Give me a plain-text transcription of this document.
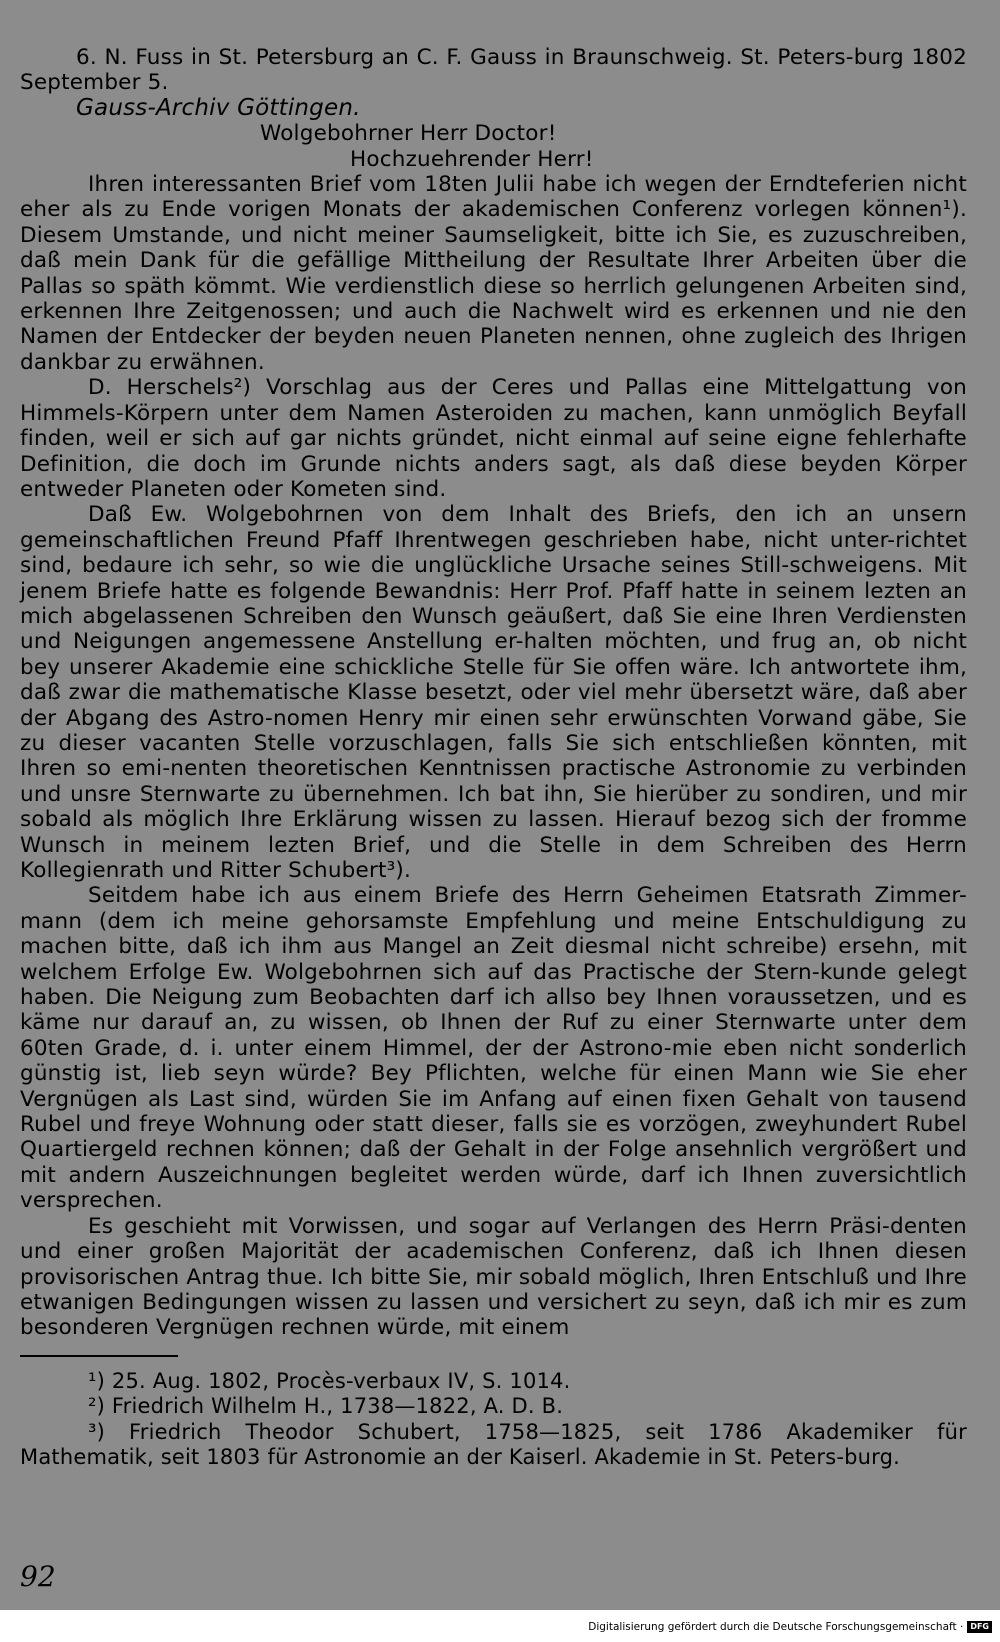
6. N. Fuss in St. Petersburg an C. F. Gauss in Braunschweig. St. Peters-burg 1802 September 5.

Gauss-Archiv Göttingen.

Wolgebohrner Herr Doctor!

Hochzuehrender Herr!

Ihren interessanten Brief vom 18ten Julii habe ich wegen der Erndteferien nicht eher als zu Ende vorigen Monats der akademischen Conferenz vorlegen können¹). Diesem Umstande, und nicht meiner Saumseligkeit, bitte ich Sie, es zuzuschreiben, daß mein Dank für die gefällige Mittheilung der Resultate Ihrer Arbeiten über die Pallas so späth kömmt. Wie verdienstlich diese so herrlich gelungenen Arbeiten sind, erkennen Ihre Zeitgenossen; und auch die Nachwelt wird es erkennen und nie den Namen der Entdecker der beyden neuen Planeten nennen, ohne zugleich des Ihrigen dankbar zu erwähnen.

D. Herschels²) Vorschlag aus der Ceres und Pallas eine Mittelgattung von Himmels-Körpern unter dem Namen Asteroiden zu machen, kann unmöglich Beyfall finden, weil er sich auf gar nichts gründet, nicht einmal auf seine eigne fehlerhafte Definition, die doch im Grunde nichts anders sagt, als daß diese beyden Körper entweder Planeten oder Kometen sind.

Daß Ew. Wolgebohrnen von dem Inhalt des Briefs, den ich an unsern gemeinschaftlichen Freund Pfaff Ihrentwegen geschrieben habe, nicht unter-richtet sind, bedaure ich sehr, so wie die unglückliche Ursache seines Still-schweigens. Mit jenem Briefe hatte es folgende Bewandnis: Herr Prof. Pfaff hatte in seinem lezten an mich abgelassenen Schreiben den Wunsch geäußert, daß Sie eine Ihren Verdiensten und Neigungen angemessene Anstellung er-halten möchten, und frug an, ob nicht bey unserer Akademie eine schickliche Stelle für Sie offen wäre. Ich antwortete ihm, daß zwar die mathematische Klasse besetzt, oder viel mehr übersetzt wäre, daß aber der Abgang des Astro-nomen Henry mir einen sehr erwünschten Vorwand gäbe, Sie zu dieser vacanten Stelle vorzuschlagen, falls Sie sich entschließen könnten, mit Ihren so emi-nenten theoretischen Kenntnissen practische Astronomie zu verbinden und unsre Sternwarte zu übernehmen. Ich bat ihn, Sie hierüber zu sondiren, und mir sobald als möglich Ihre Erklärung wissen zu lassen. Hierauf bezog sich der fromme Wunsch in meinem lezten Brief, und die Stelle in dem Schreiben des Herrn Kollegienrath und Ritter Schubert³).

Seitdem habe ich aus einem Briefe des Herrn Geheimen Etatsrath Zimmer-mann (dem ich meine gehorsamste Empfehlung und meine Entschuldigung zu machen bitte, daß ich ihm aus Mangel an Zeit diesmal nicht schreibe) ersehn, mit welchem Erfolge Ew. Wolgebohrnen sich auf das Practische der Stern-kunde gelegt haben. Die Neigung zum Beobachten darf ich allso bey Ihnen voraussetzen, und es käme nur darauf an, zu wissen, ob Ihnen der Ruf zu einer Sternwarte unter dem 60ten Grade, d. i. unter einem Himmel, der der Astrono-mie eben nicht sonderlich günstig ist, lieb seyn würde? Bey Pflichten, welche für einen Mann wie Sie eher Vergnügen als Last sind, würden Sie im Anfang auf einen fixen Gehalt von tausend Rubel und freye Wohnung oder statt dieser, falls sie es vorzögen, zweyhundert Rubel Quartiergeld rechnen können; daß der Gehalt in der Folge ansehnlich vergrößert und mit andern Auszeichnungen begleitet werden würde, darf ich Ihnen zuversichtlich versprechen.

Es geschieht mit Vorwissen, und sogar auf Verlangen des Herrn Präsi-denten und einer großen Majorität der academischen Conferenz, daß ich Ihnen diesen provisorischen Antrag thue. Ich bitte Sie, mir sobald möglich, Ihren Entschluß und Ihre etwanigen Bedingungen wissen zu lassen und versichert zu seyn, daß ich mir es zum besonderen Vergnügen rechnen würde, mit einem

¹) 25. Aug. 1802, Procès-verbaux IV, S. 1014.

²) Friedrich Wilhelm H., 1738—1822, A. D. B.

³) Friedrich Theodor Schubert, 1758—1825, seit 1786 Akademiker für Mathematik, seit 1803 für Astronomie an der Kaiserl. Akademie in St. Peters-burg.

92
Digitalisierung gefördert durch die Deutsche Forschungsgemeinschaft · DFG
